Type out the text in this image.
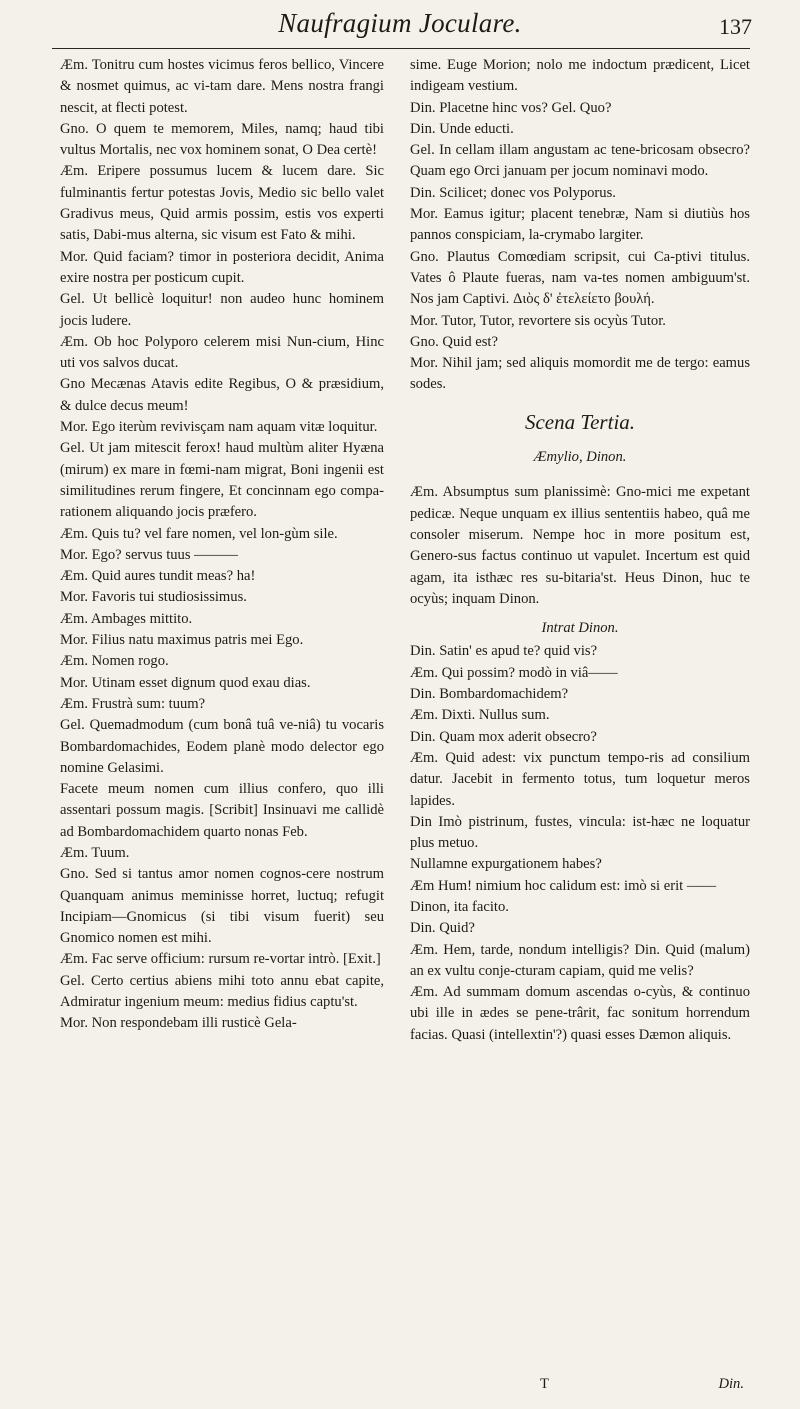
Naufragium Joculare.	137

Æm. Tonitru cum hostes vicimus feros bellico, Vincere & nosmet quimus, ac vi-tam dare. Mens nostra frangi nescit, at flecti potest.

Gno. O quem te memorem, Miles, namq; haud tibi vultus Mortalis, nec vox hominem sonat, O Dea certè!

Æm. Eripere possumus lucem & lucem dare. Sic fulminantis fertur potestas Jovis, Medio sic bello valet Gradivus meus, Quid armis possim, estis vos experti satis, Dabi-mus alterna, sic visum est Fato & mihi.

Mor. Quid faciam? timor in posteriora decidit, Anima exire nostra per posticum cupit.

Gel. Ut bellicè loquitur! non audeo hunc hominem jocis ludere.

Æm. Ob hoc Polyporo celerem misi Nun-cium, Hinc uti vos salvos ducat.

Gno Mecænas Atavis edite Regibus, O & præsidium, & dulce decus meum!

Mor. Ego iterùm revivisçam nam aquam vitæ loquitur.

Gel. Ut jam mitescit ferox! haud multùm aliter Hyæna (mirum) ex mare in fœmi-nam migrat, Boni ingenii est similitudines rerum fingere, Et concinnam ego compa-rationem aliquando jocis præfero.

Æm. Quis tu? vel fare nomen, vel lon-gùm sile.

Mor. Ego? servus tuus ———

Æm. Quid aures tundit meas? ha!

Mor. Favoris tui studiosissimus.

Æm. Ambages mittito.

Mor. Filius natu maximus patris mei Ego.

Æm. Nomen rogo.

Mor. Utinam esset dignum quod exau dias.

Æm. Frustrà sum: tuum?

Gel. Quemadmodum (cum bonâ tuâ ve-niâ) tu vocaris Bombardomachides, Eodem planè modo delector ego nomine Gelasimi.

Facete meum nomen cum illius confero, quo illi assentari possum magis. [Scribit] Insinuavi me callidè ad Bombardomachidem quarto nonas Feb.

Æm. Tuum.

Gno. Sed si tantus amor nomen cognos-cere nostrum Quanquam animus meminisse horret, luctuq; refugit Incipiam—Gnomicus (si tibi visum fuerit) seu Gnomico nomen est mihi.

Æm. Fac serve officium: rursum re-vortar intrò. [Exit.]

Gel. Certo certius abiens mihi toto annu ebat capite, Admiratur ingenium meum: medius fidius captu'st.

Mor. Non respondebam illi rusticè Gela-

sime. Euge Morion; nolo me indoctum prædicent, Licet indigeam vestium.

Din. Placetne hinc vos? Gel. Quo?

Din. Unde educti.

Gel. In cellam illam angustam ac tene-bricosam obsecro? Quam ego Orci januam per jocum nominavi modo.

Din. Scilicet; donec vos Polyporus.

Mor. Eamus igitur; placent tenebræ, Nam si diutiùs hos pannos conspiciam, la-crymabo largiter.

Gno. Plautus Comœdiam scripsit, cui Ca-ptivi titulus. Vates ô Plaute fueras, nam va-tes nomen ambiguum'st. Nos jam Captivi. Διὸς δ' ἐτελείετο βουλή.

Mor. Tutor, Tutor, revortere sis ocyùs Tutor.

Gno. Quid est?

Mor. Nihil jam; sed aliquis momordit me de tergo: eamus sodes.

Scena Tertia.
Æmylio, Dinon.

Æm. Absumptus sum planissimè: Gno-mici me expetant pedicæ. Neque unquam ex illius sententiis habeo, quâ me consoler miserum. Nempe hoc in more positum est, Genero-sus factus continuo ut vapulet. Incertum est quid agam, ita isthæc res su-bitaria'st. Heus Dinon, huc te ocyùs; inquam Dinon.

Intrat Dinon.

Din. Satin' es apud te? quid vis?

Æm. Qui possim? modò in viâ——

Din. Bombardomachidem?

Æm. Dixti. Nullus sum.

Din. Quam mox aderit obsecro?

Æm. Quid adest: vix punctum tempo-ris ad consilium datur. Jacebit in fermento totus, tum loquetur meros lapides.

Din Imò pistrinum, fustes, vincula: ist-hæc ne loquatur plus metuo.

Nullamne expurgationem habes?

Æm Hum! nimium hoc calidum est: imò si erit ——

Dinon, ita facito.

Din. Quid?

Æm. Hem, tarde, nondum intelligis? Din. Quid (malum) an ex vultu conje-cturam capiam, quid me velis?

Æm. Ad summam domum ascendas o-cyùs, & continuo ubi ille in ædes se pene-trârit, fac sonitum horrendum facias. Quasi (intellextin'?) quasi esses Dæmon aliquis.

T	Din.
